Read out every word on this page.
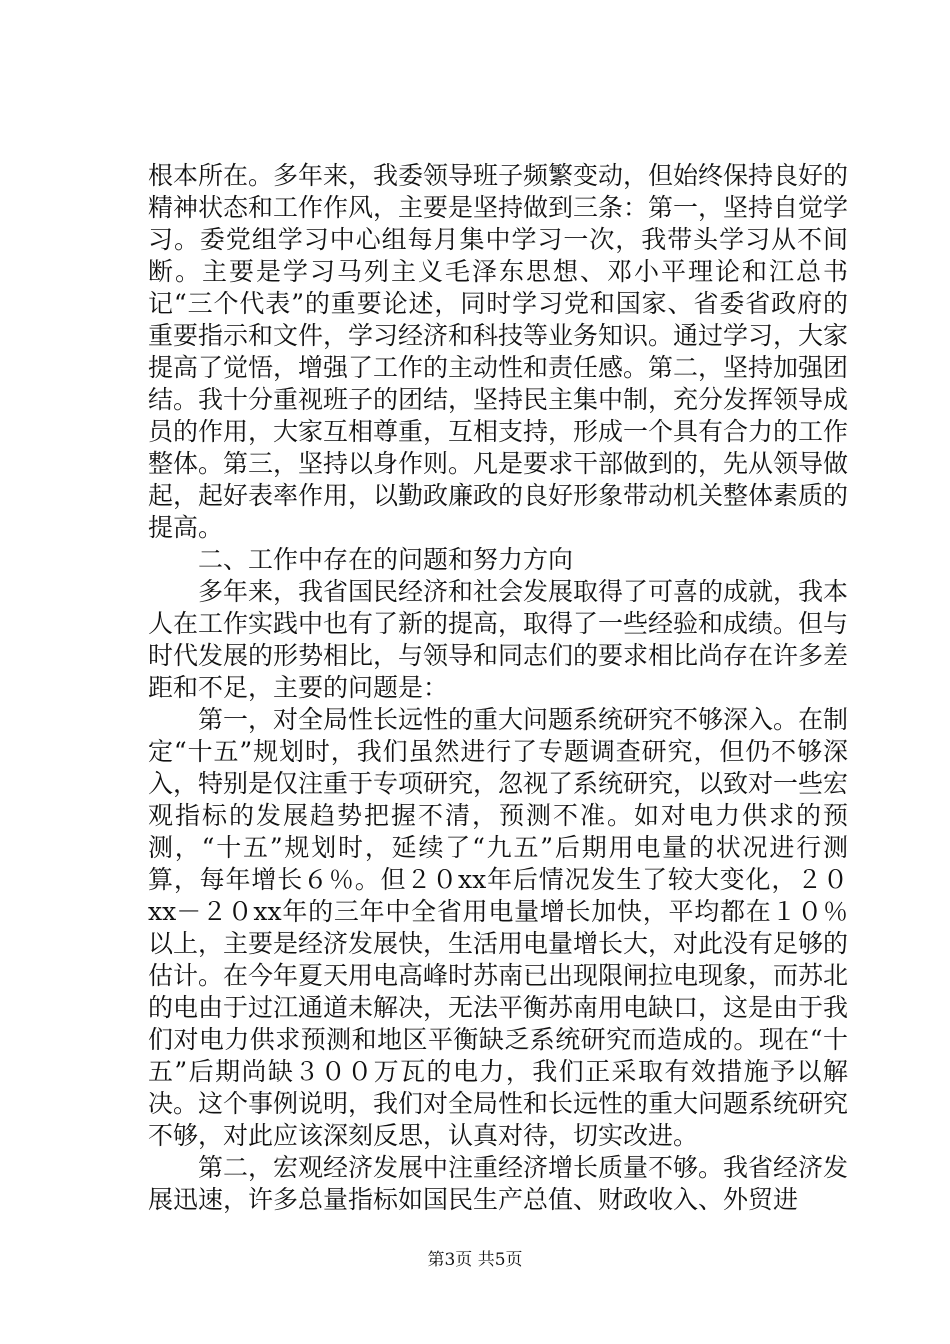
根本所在。多年来，我委领导班子频繁变动，但始终保持良好的精神状态和工作作风，主要是坚持做到三条：第一，坚持自觉学习。委党组学习中心组每月集中学习一次，我带头学习从不间断。主要是学习马列主义毛泽东思想、邓小平理论和江总书记“三个代表”的重要论述，同时学习党和国家、省委省政府的重要指示和文件，学习经济和科技等业务知识。通过学习，大家提高了觉悟，增强了工作的主动性和责任感。第二，坚持加强团结。我十分重视班子的团结，坚持民主集中制，充分发挥领导成员的作用，大家互相尊重，互相支持，形成一个具有合力的工作整体。第三，坚持以身作则。凡是要求干部做到的，先从领导做起，起好表率作用，以勤政廉政的良好形象带动机关整体素质的提高。

二、工作中存在的问题和努力方向

多年来，我省国民经济和社会发展取得了可喜的成就，我本人在工作实践中也有了新的提高，取得了一些经验和成绩。但与时代发展的形势相比，与领导和同志们的要求相比尚存在许多差距和不足，主要的问题是：

第一，对全局性长远性的重大问题系统研究不够深入。在制定“十五”规划时，我们虽然进行了专题调查研究，但仍不够深入，特别是仅注重于专项研究，忽视了系统研究，以致对一些宏观指标的发展趋势把握不清，预测不准。如对电力供求的预测，“十五”规划时，延续了“九五”后期用电量的状况进行测算，每年增长６％。但２０xx年后情况发生了较大变化，２０xx－２０xx年的三年中全省用电量增长加快，平均都在１０％以上，主要是经济发展快，生活用电量增长大，对此没有足够的估计。在今年夏天用电高峰时苏南已出现限闸拉电现象，而苏北的电由于过江通道未解决，无法平衡苏南用电缺口，这是由于我们对电力供求预测和地区平衡缺乏系统研究而造成的。现在“十五”后期尚缺３００万瓦的电力，我们正采取有效措施予以解决。这个事例说明，我们对全局性和长远性的重大问题系统研究不够，对此应该深刻反思，认真对待，切实改进。

第二，宏观经济发展中注重经济增长质量不够。我省经济发展迅速，许多总量指标如国民生产总值、财政收入、外贸进

第3页 共5页
